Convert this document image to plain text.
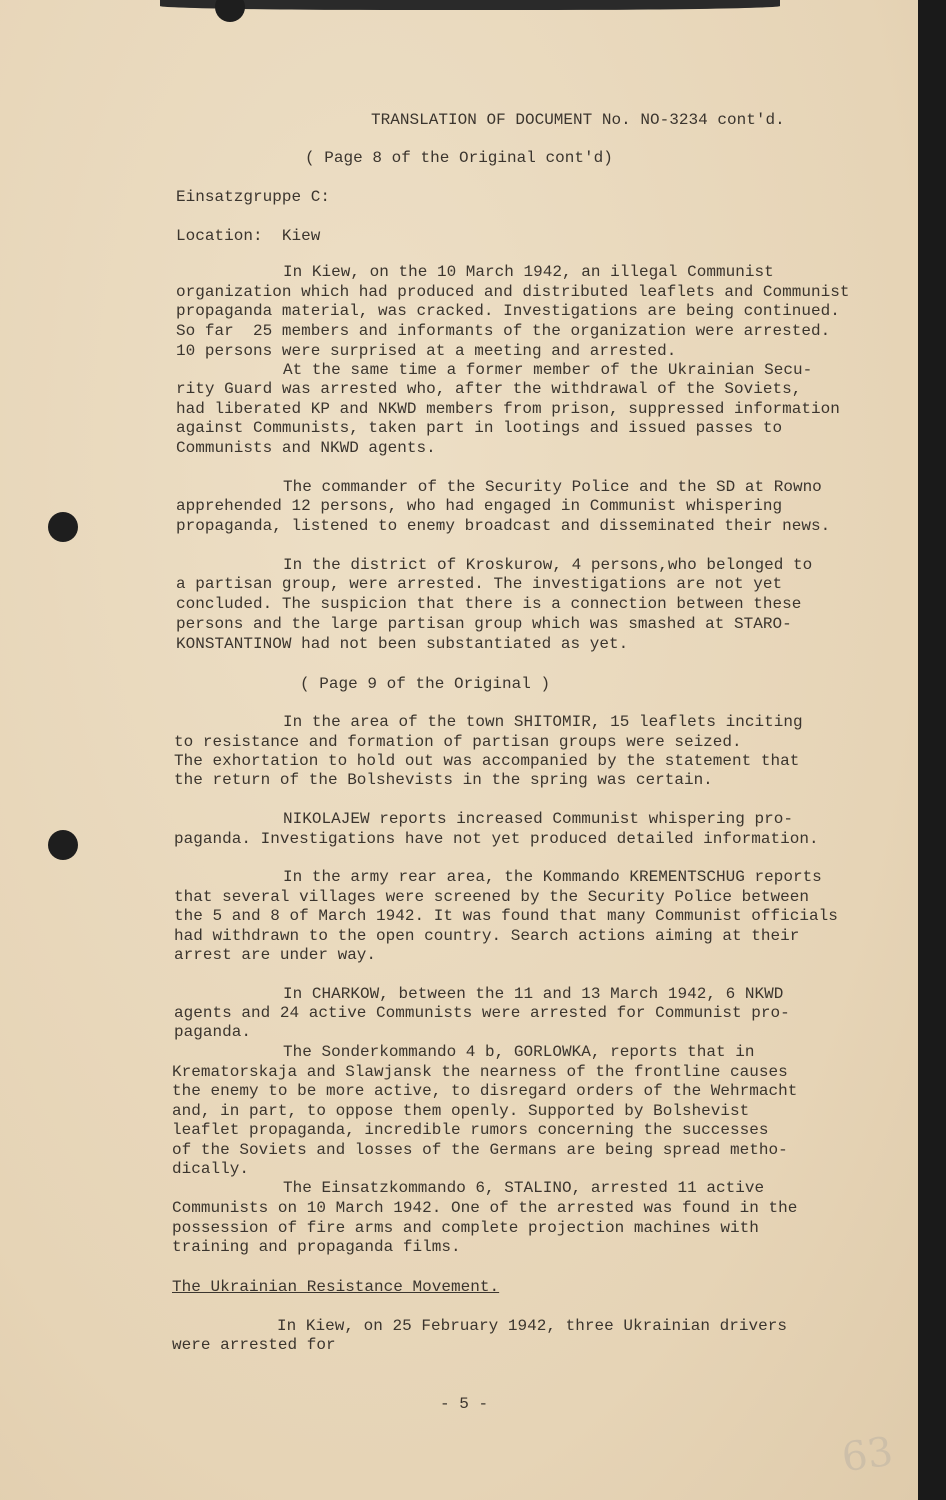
TRANSLATION OF DOCUMENT No. NO-3234 cont'd.
( Page 8 of the Original cont'd)
Einsatzgruppe C:
Location:  Kiew
In Kiew, on the 10 March 1942, an illegal Communist
organization which had produced and distributed leaflets and Communist
propaganda material, was cracked. Investigations are being continued.
So far  25 members and informants of the organization were arrested.
10 persons were surprised at a meeting and arrested.
At the same time a former member of the Ukrainian Secu-
rity Guard was arrested who, after the withdrawal of the Soviets,
had liberated KP and NKWD members from prison, suppressed information
against Communists, taken part in lootings and issued passes to
Communists and NKWD agents.
The commander of the Security Police and the SD at Rowno
apprehended 12 persons, who had engaged in Communist whispering
propaganda, listened to enemy broadcast and disseminated their news.
In the district of Kroskurow, 4 persons,who belonged to
a partisan group, were arrested. The investigations are not yet
concluded. The suspicion that there is a connection between these
persons and the large partisan group which was smashed at STARO-
KONSTANTINOW had not been substantiated as yet.
In the area of the town SHITOMIR, 15 leaflets inciting
to resistance and formation of partisan groups were seized.
The exhortation to hold out was accompanied by the statement that
the return of the Bolshevists in the spring was certain.
NIKOLAJEW reports increased Communist whispering pro-
paganda. Investigations have not yet produced detailed information.
In the army rear area, the Kommando KREMENTSCHUG reports
that several villages were screened by the Security Police between
the 5 and 8 of March 1942. It was found that many Communist officials
had withdrawn to the open country. Search actions aiming at their
arrest are under way.
In CHARKOW, between the 11 and 13 March 1942, 6 NKWD
agents and 24 active Communists were arrested for Communist pro-
paganda.
The Sonderkommando 4 b, GORLOWKA, reports that in
Krematorskaja and Slawjansk the nearness of the frontline causes
the enemy to be more active, to disregard orders of the Wehrmacht
and, in part, to oppose them openly. Supported by Bolshevist
leaflet propaganda, incredible rumors concerning the successes
of the Soviets and losses of the Germans are being spread metho-
dically.
The Einsatzkommando 6, STALINO, arrested 11 active
Communists on 10 March 1942. One of the arrested was found in the
possession of fire arms and complete projection machines with
training and propaganda films.
( Page 9 of the Original )
The Ukrainian Resistance Movement.
In Kiew, on 25 February 1942, three Ukrainian drivers
were arrested for
- 5 -
63
